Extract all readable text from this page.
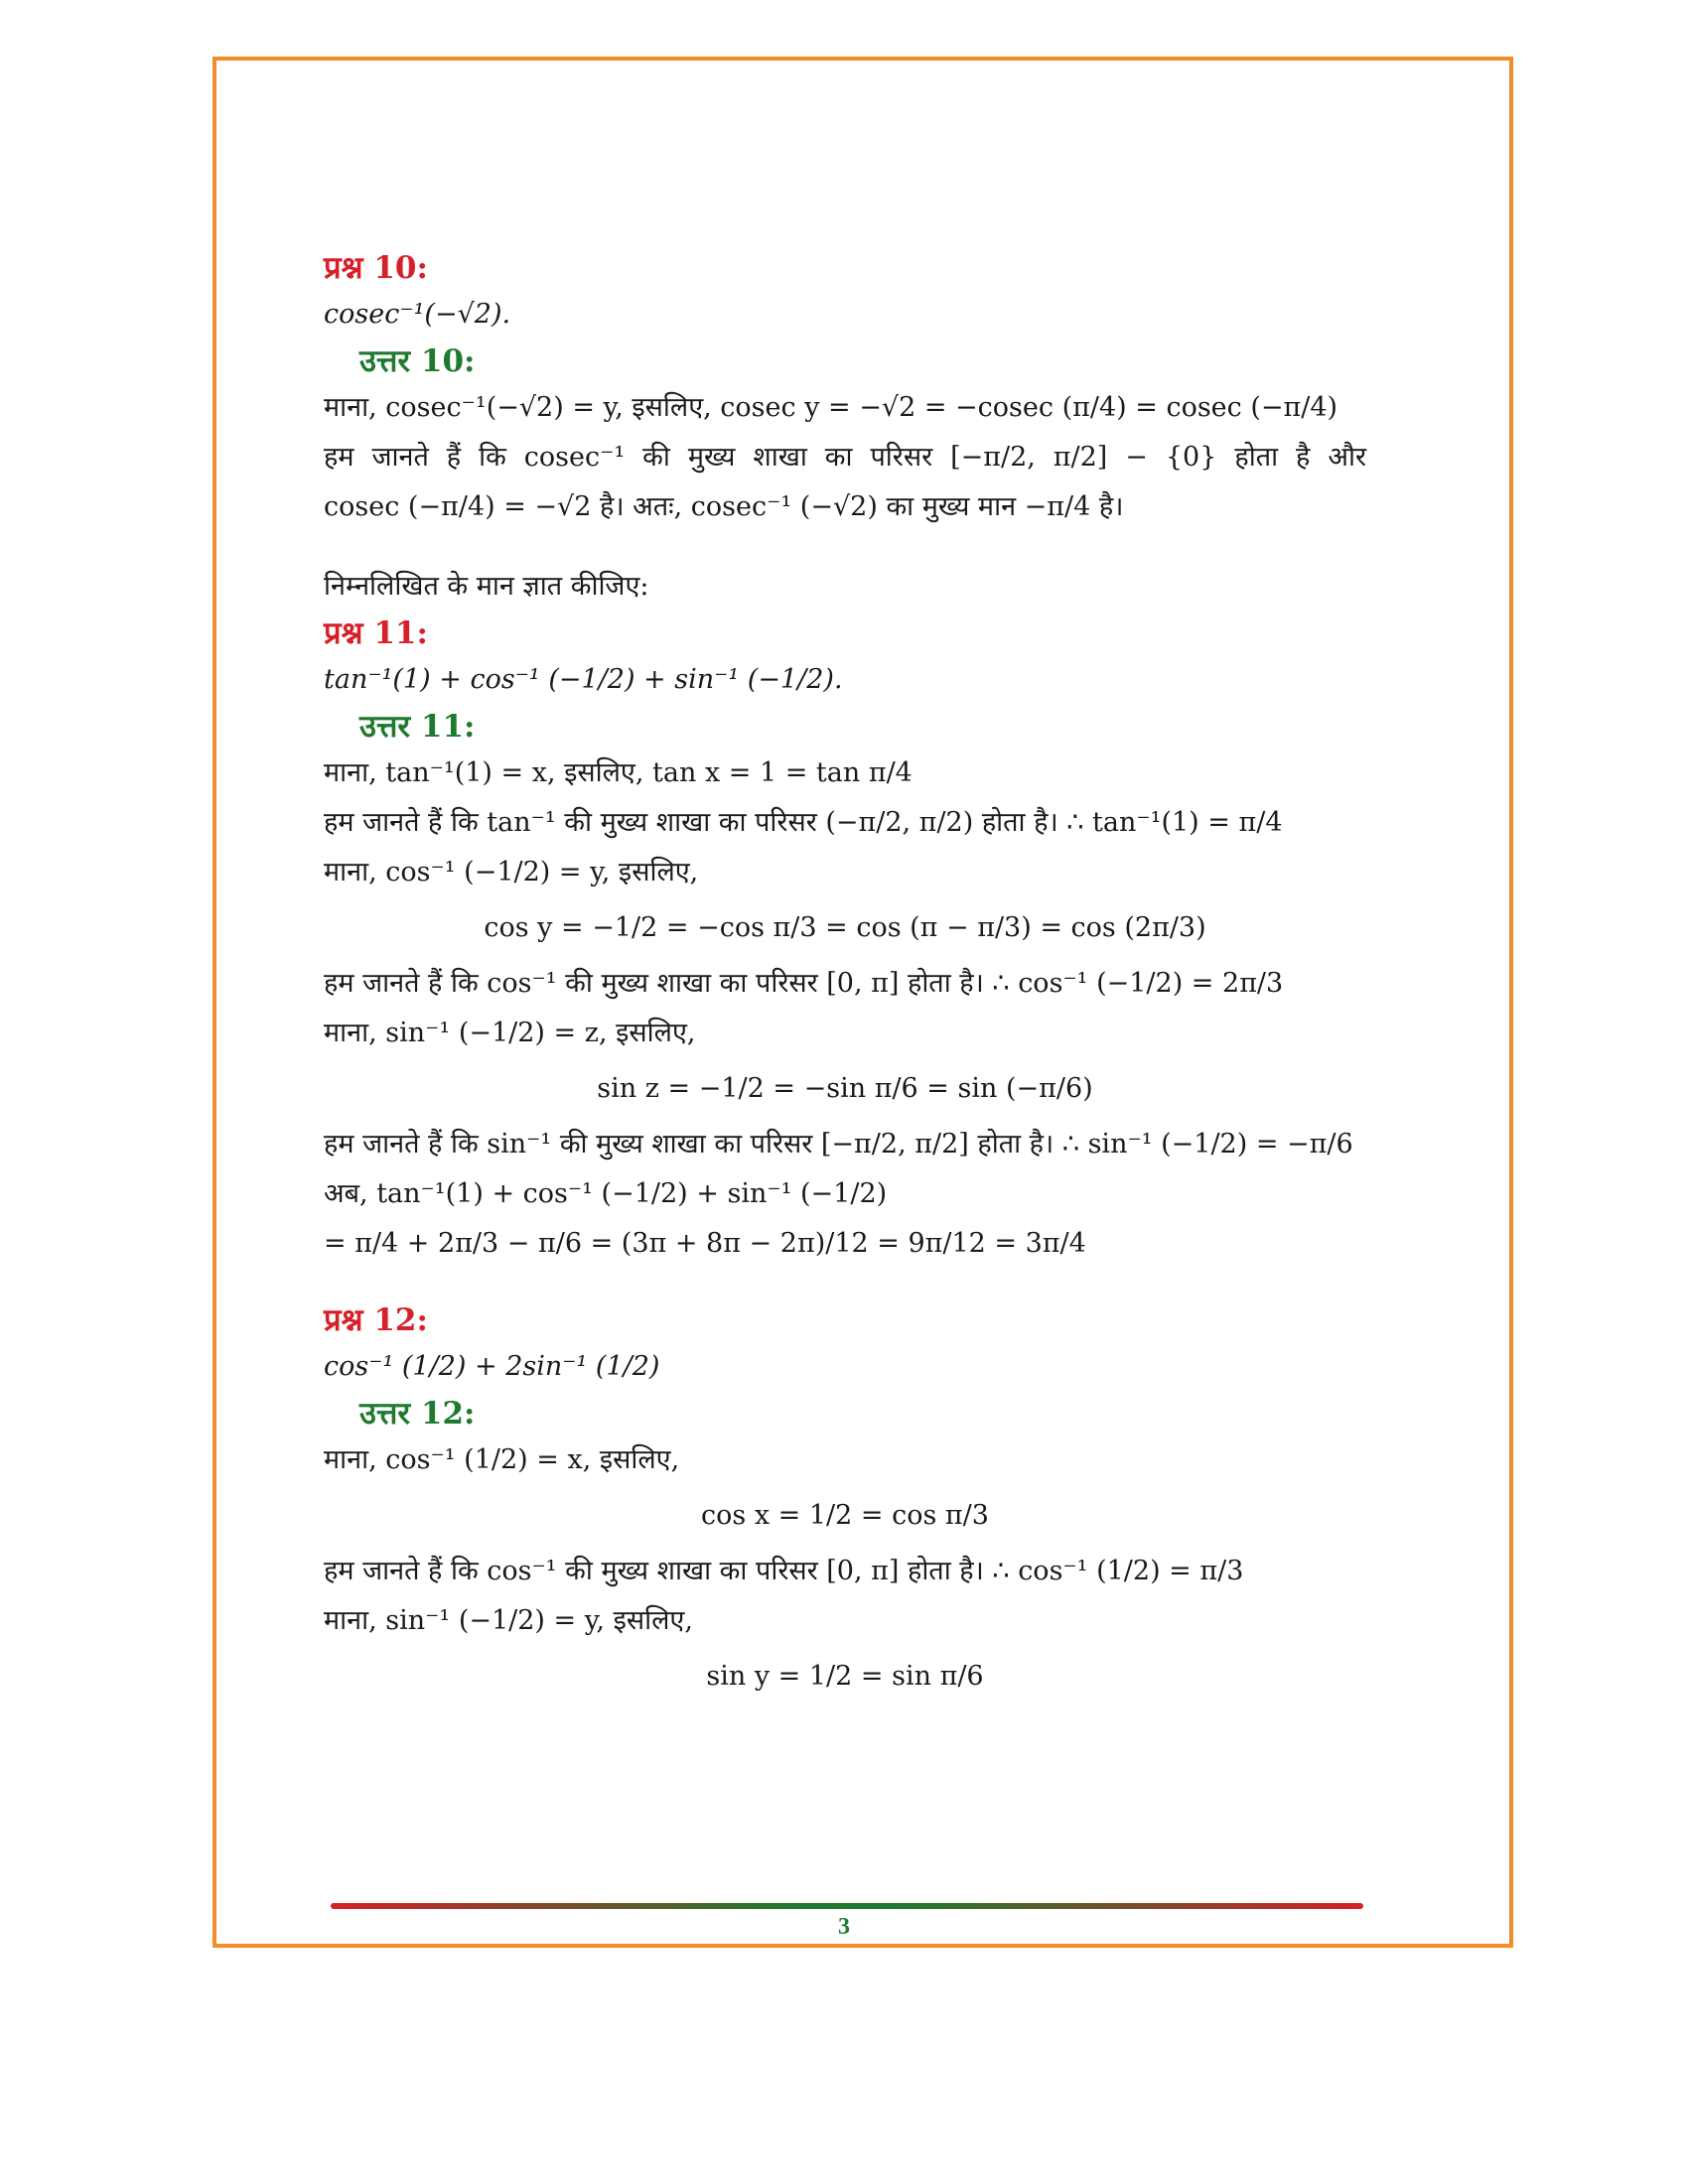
प्रश्न 10:
cosec⁻¹(−√2).
उत्तर 10:
माना, cosec⁻¹(−√2) = y, इसलिए, cosec y = −√2 = −cosec (π/4) = cosec (−π/4)
हम जानते हैं कि cosec⁻¹ की मुख्य शाखा का परिसर [−π/2, π/2] − {0} होता है और
cosec (−π/4) = −√2 है। अतः, cosec⁻¹ (−√2) का मुख्य मान −π/4 है।
निम्नलिखित के मान ज्ञात कीजिए:
प्रश्न 11:
tan⁻¹(1) + cos⁻¹ (−1/2) + sin⁻¹ (−1/2).
उत्तर 11:
माना, tan⁻¹(1) = x, इसलिए, tan x = 1 = tan π/4
हम जानते हैं कि tan⁻¹ की मुख्य शाखा का परिसर (−π/2, π/2) होता है। ∴ tan⁻¹(1) = π/4
माना, cos⁻¹ (−1/2) = y, इसलिए,
cos y = −1/2 = −cos π/3 = cos (π − π/3) = cos (2π/3)
हम जानते हैं कि cos⁻¹ की मुख्य शाखा का परिसर [0, π] होता है। ∴ cos⁻¹ (−1/2) = 2π/3
माना, sin⁻¹ (−1/2) = z, इसलिए,
sin z = −1/2 = −sin π/6 = sin (−π/6)
हम जानते हैं कि sin⁻¹ की मुख्य शाखा का परिसर [−π/2, π/2] होता है। ∴ sin⁻¹ (−1/2) = −π/6
अब, tan⁻¹(1) + cos⁻¹ (−1/2) + sin⁻¹ (−1/2)
= π/4 + 2π/3 − π/6 = (3π + 8π − 2π)/12 = 9π/12 = 3π/4
प्रश्न 12:
cos⁻¹ (1/2) + 2sin⁻¹ (1/2)
उत्तर 12:
माना, cos⁻¹ (1/2) = x, इसलिए,
cos x = 1/2 = cos π/3
हम जानते हैं कि cos⁻¹ की मुख्य शाखा का परिसर [0, π] होता है। ∴ cos⁻¹ (1/2) = π/3
माना, sin⁻¹ (−1/2) = y, इसलिए,
sin y = 1/2 = sin π/6
3
